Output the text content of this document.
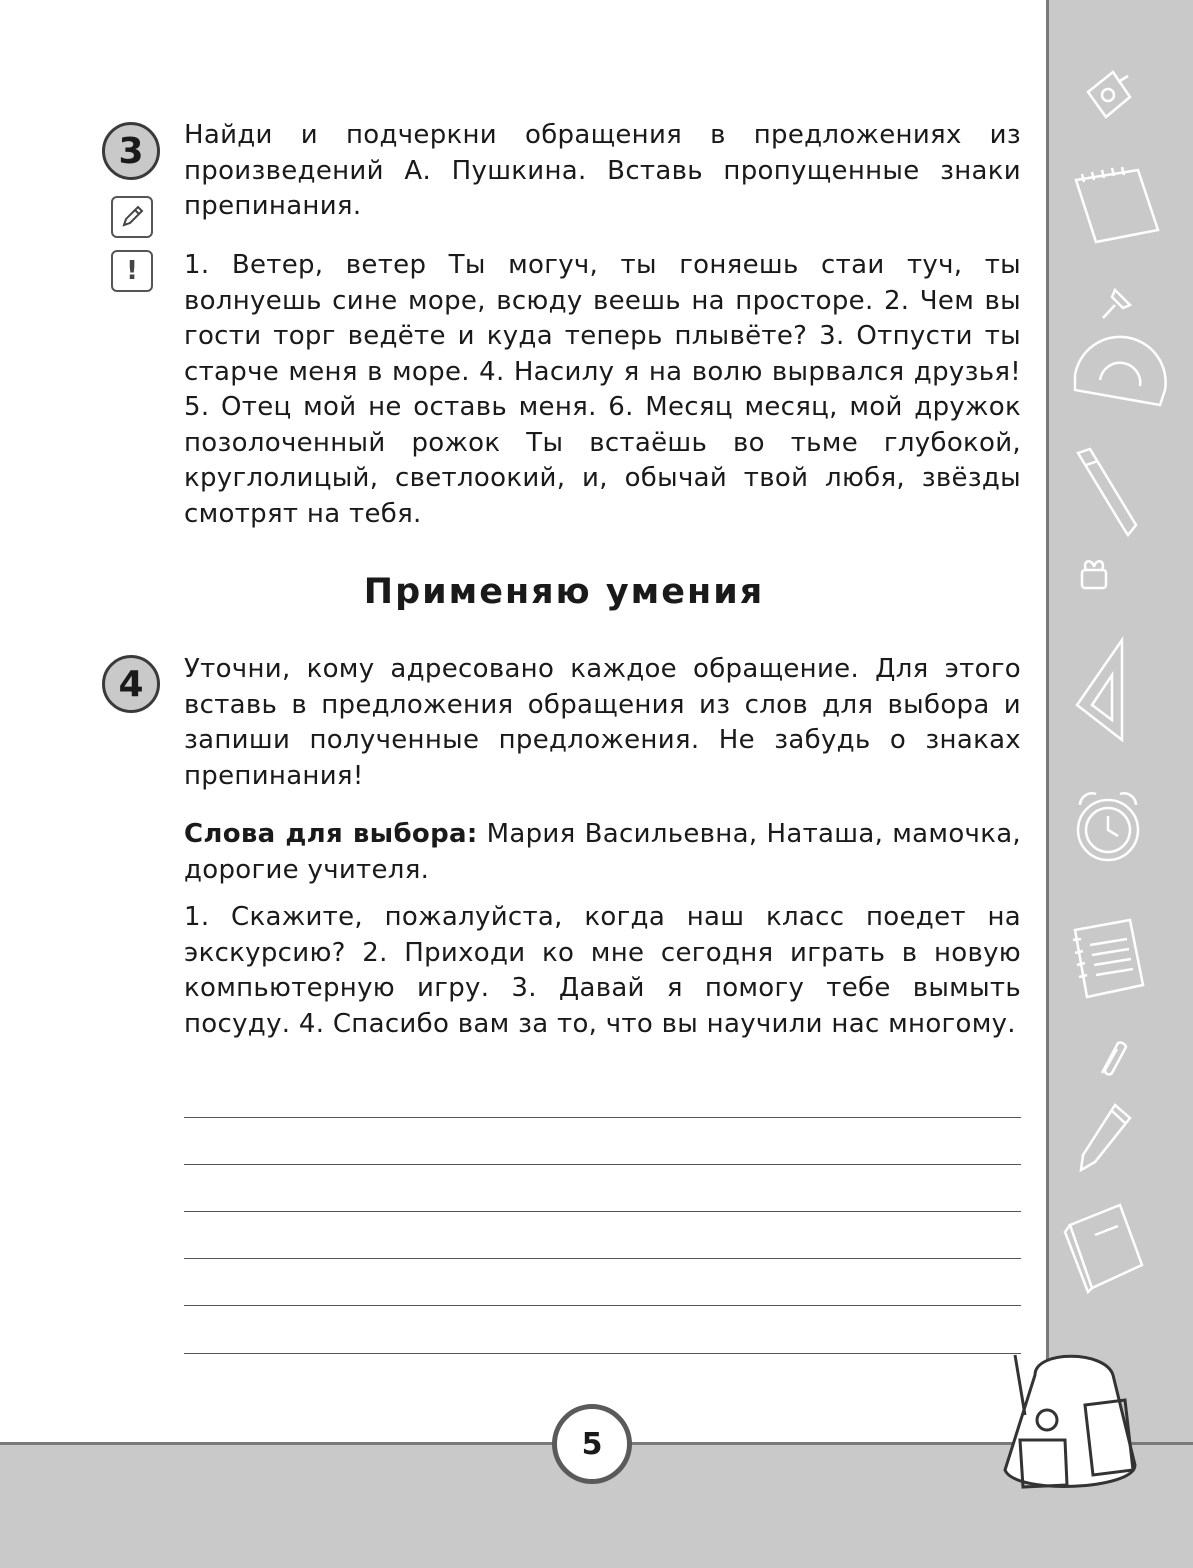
3
!
Найди и подчеркни обращения в предложениях из произведений А. Пушкина. Вставь пропущенные знаки препинания.
1. Ветер, ветер Ты могуч, ты гоняешь стаи туч, ты волнуешь сине море, всюду веешь на просторе. 2. Чем вы гости торг ведёте и куда теперь плывёте? 3. Отпусти ты старче меня в море. 4. Насилу я на волю вырвался друзья! 5. Отец мой не оставь меня. 6. Месяц месяц, мой дружок позолоченный рожок Ты встаёшь во тьме глубокой, круглолицый, светлоокий, и, обычай твой любя, звёзды смотрят на тебя.
Применяю умения
4 Уточни, кому адресовано каждое обращение. Для этого вставь в предложения обращения из слов для выбора и запиши полученные предложения. Не забудь о знаках препинания!
Слова для выбора: Мария Васильевна, Наташа, мамочка, дорогие учителя.
1. Скажите, пожалуйста, когда наш класс поедет на экскурсию? 2. Приходи ко мне сегодня играть в новую компьютерную игру. 3. Давай я помогу тебе вымыть посуду. 4. Спасибо вам за то, что вы научили нас многому.
5
